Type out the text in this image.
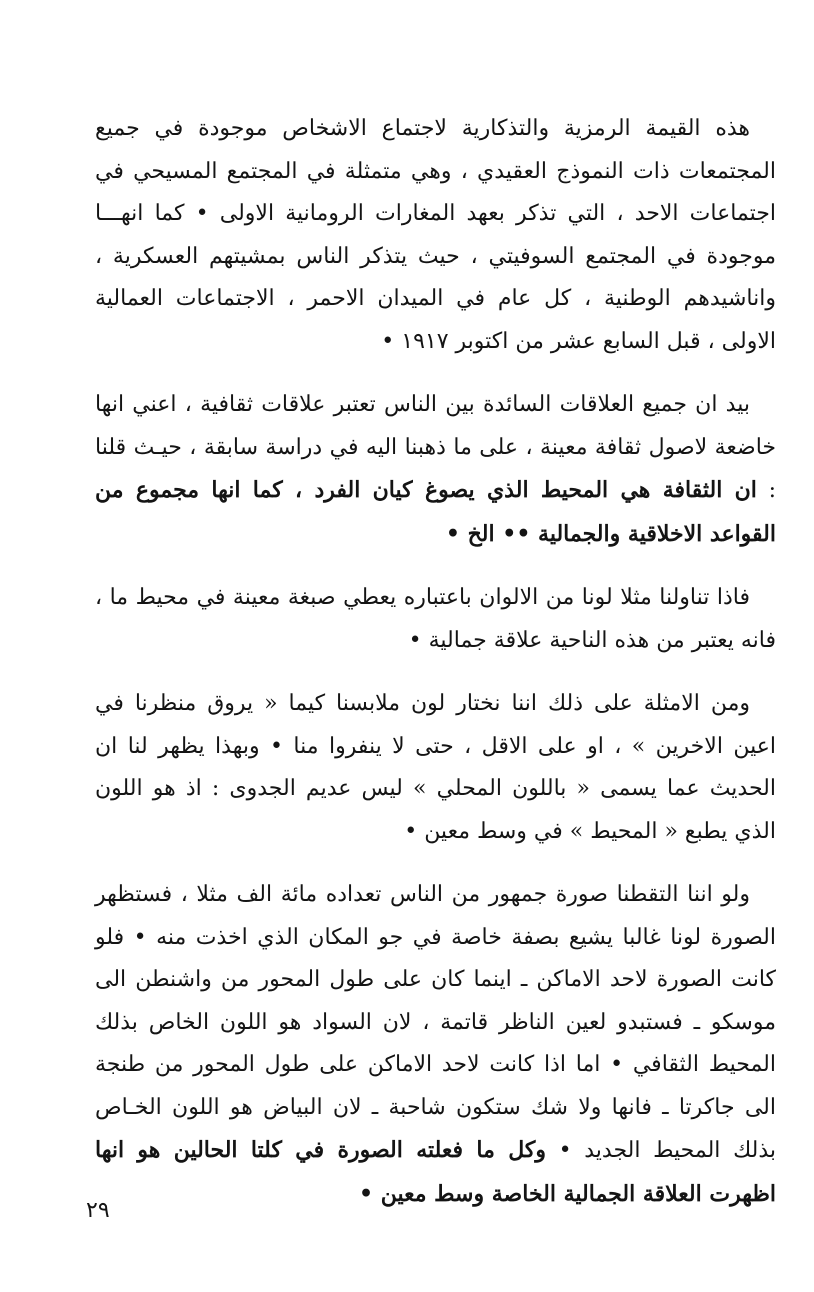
هذه القيمة الرمزية والتذكارية لاجتماع الاشخاص موجودة في جميع المجتمعات ذات النموذج العقيدي ، وهي متمثلة في المجتمع المسيحي في اجتماعات الاحد ، التي تذكر بعهد المغارات الرومانية الاولى • كما انهـــا موجودة في المجتمع السوفيتي ، حيث يتذكر الناس بمشيتهم العسكرية ، واناشيدهم الوطنية ، كل عام في الميدان الاحمر ، الاجتماعات العمالية الاولى ، قبل السابع عشر من اكتوبر ١٩١٧ •

بيد ان جميع العلاقات السائدة بين الناس تعتبر علاقات ثقافية ، اعني انها خاضعة لاصول ثقافة معينة ، على ما ذهبنا اليه في دراسة سابقة ، حيـث قلنا : ان الثقافة هي المحيط الذي يصوغ كيان الفرد ، كما انها مجموع من القواعد الاخلاقية والجمالية •• الخ •

فاذا تناولنا مثلا لونا من الالوان باعتباره يعطي صبغة معينة في محيط ما ، فانه يعتبر من هذه الناحية علاقة جمالية •

ومن الامثلة على ذلك اننا نختار لون ملابسنا كيما « يروق منظرنا في اعين الاخرين » ، او على الاقل ، حتى لا ينفروا منا • وبهذا يظهر لنا ان الحديث عما يسمى « باللون المحلي » ليس عديم الجدوى : اذ هو اللون الذي يطبع « المحيط » في وسط معين •

ولو اننا التقطنا صورة جمهور من الناس تعداده مائة الف مثلا ، فستظهر الصورة لونا غالبا يشيع بصفة خاصة في جو المكان الذي اخذت منه • فلو كانت الصورة لاحد الاماكن ـ اينما كان على طول المحور من واشنطن الى موسكو ـ فستبدو لعين الناظر قاتمة ، لان السواد هو اللون الخاص بذلك المحيط الثقافي • اما اذا كانت لاحد الاماكن على طول المحور من طنجة الى جاكرتا ـ فانها ولا شك ستكون شاحبة ـ لان البياض هو اللون الخـاص بذلك المحيط الجديد • وكل ما فعلته الصورة في كلتا الحالين هو انها اظهرت العلاقة الجمالية الخاصة وسط معين •

٢٩
